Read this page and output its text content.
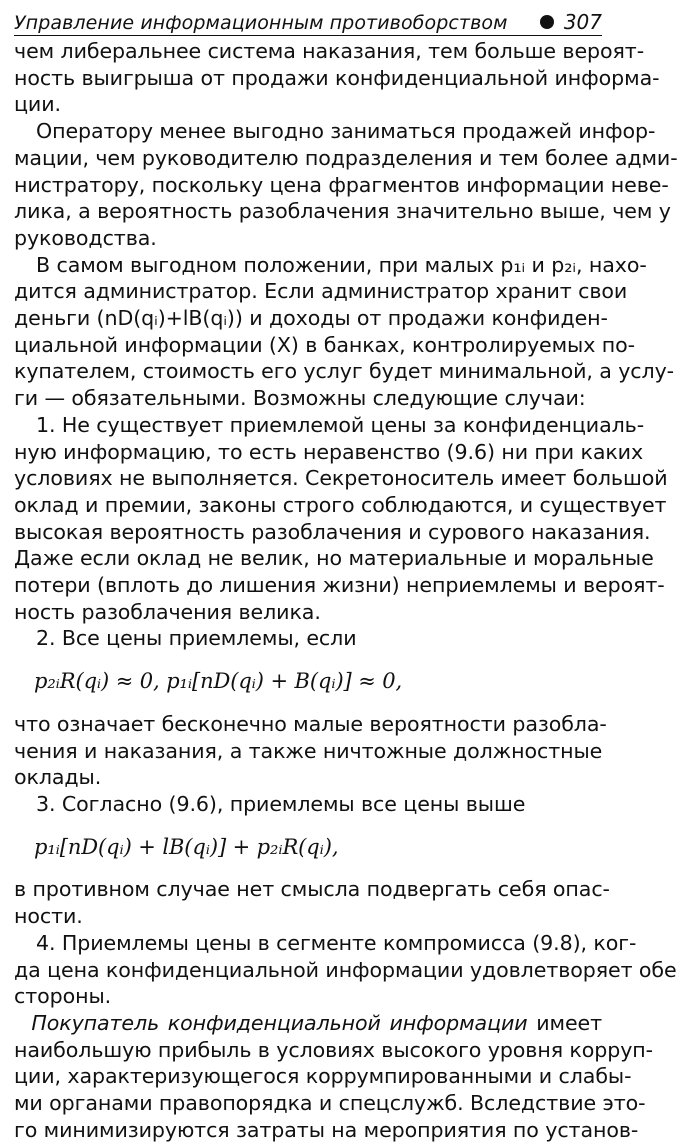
Управление информационным противоборством	307
чем либеральнее система наказания, тем больше вероят-
ность выигрыша от продажи конфиденциальной информа-
ции.
Оператору менее выгодно заниматься продажей инфор-
мации, чем руководителю подразделения и тем более адми-
нистратору, поскольку цена фрагментов информации неве-
лика, а вероятность разоблачения значительно выше, чем у
руководства.
В самом выгодном положении, при малых p₁ᵢ и p₂ᵢ, нахо-
дится администратор. Если администратор хранит свои
деньги (nD(qᵢ)+lB(qᵢ)) и доходы от продажи конфиден-
циальной информации (X) в банках, контролируемых по-
купателем, стоимость его услуг будет минимальной, а услу-
ги — обязательными. Возможны следующие случаи:
1. Не существует приемлемой цены за конфиденциаль-
ную информацию, то есть неравенство (9.6) ни при каких
условиях не выполняется. Секретоноситель имеет большой
оклад и премии, законы строго соблюдаются, и существует
высокая вероятность разоблачения и сурового наказания.
Даже если оклад не велик, но материальные и моральные
потери (вплоть до лишения жизни) неприемлемы и вероят-
ность разоблачения велика.
2. Все цены приемлемы, если
p₂ᵢR(qᵢ) ≈ 0, p₁ᵢ[nD(qᵢ) + B(qᵢ)] ≈ 0,
что означает бесконечно малые вероятности разобла-
чения и наказания, а также ничтожные должностные
оклады.
3. Согласно (9.6), приемлемы все цены выше
p₁ᵢ[nD(qᵢ) + lB(qᵢ)] + p₂ᵢR(qᵢ),
в противном случае нет смысла подвергать себя опас-
ности.
4. Приемлемы цены в сегменте компромисса (9.8), ког-
да цена конфиденциальной информации удовлетворяет обе
стороны.
Покупатель конфиденциальной информации имеет
наибольшую прибыль в условиях высокого уровня корруп-
ции, характеризующегося коррумпированными и слабы-
ми органами правопорядка и спецслужб. Вследствие это-
го минимизируются затраты на мероприятия по установ-
